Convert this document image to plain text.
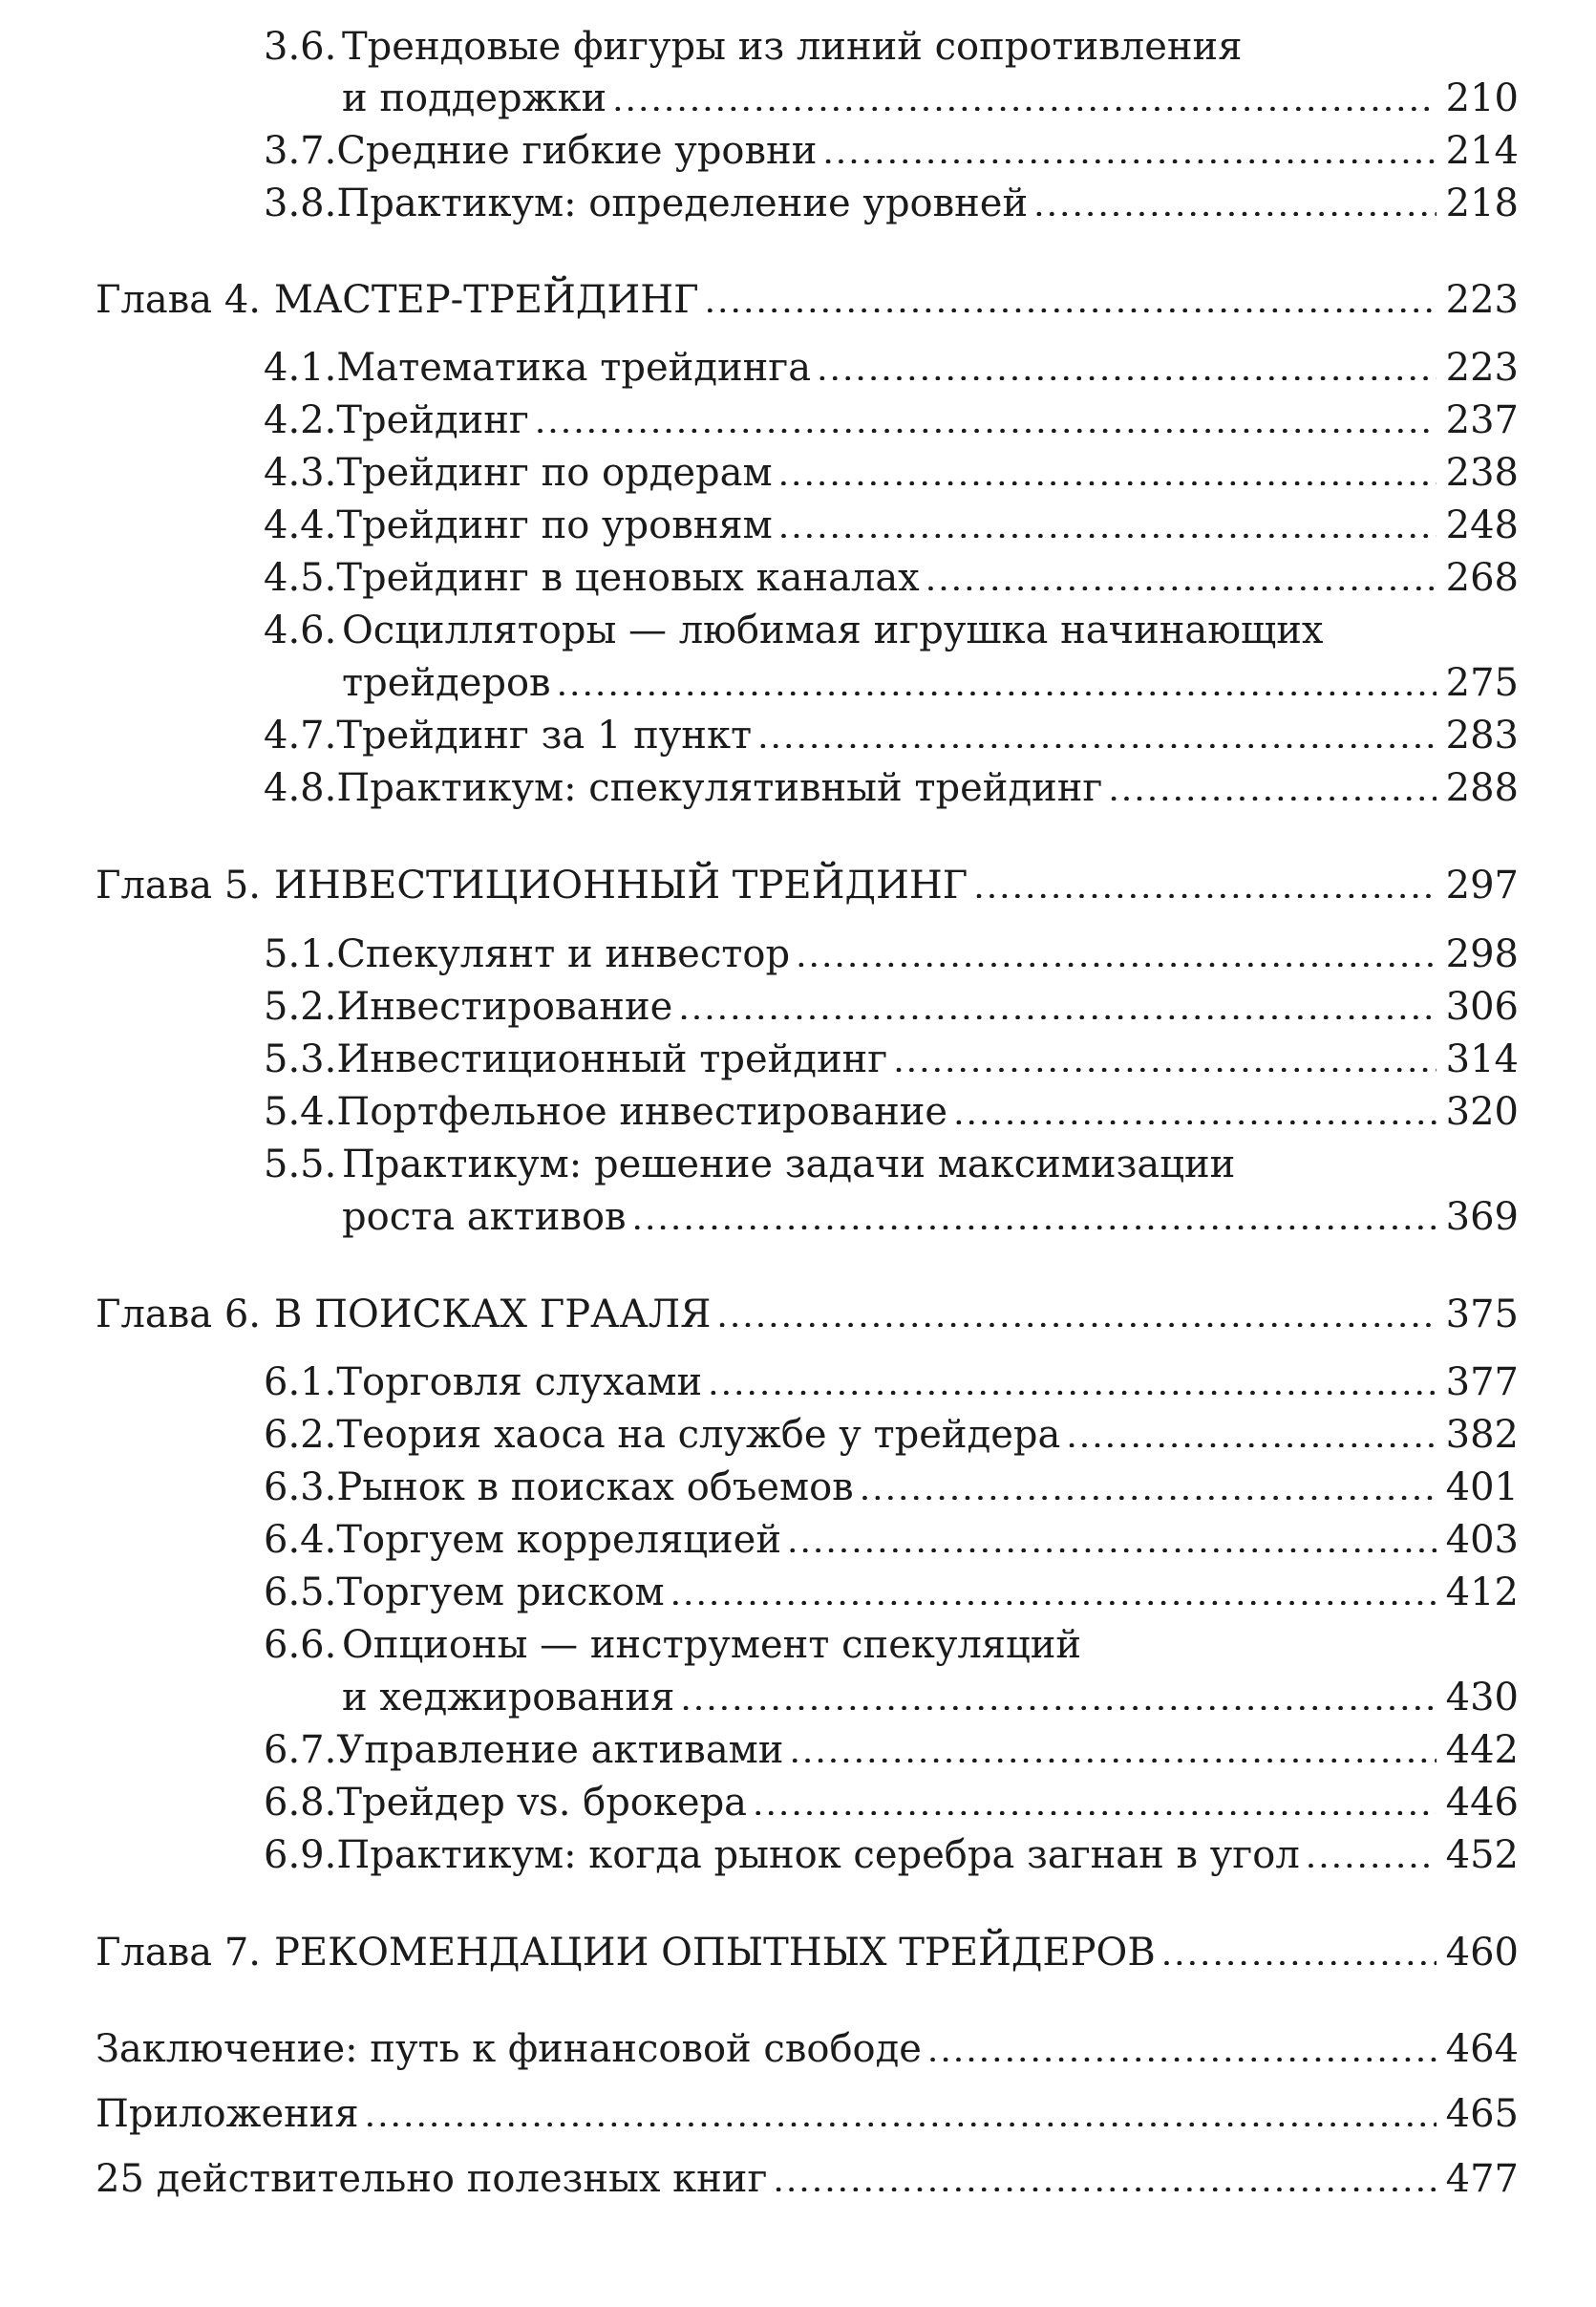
3.6. Трендовые фигуры из линий сопротивления
и поддержки .....	210
3.7. Средние гибкие уровни .....	214
3.8. Практикум: определение уровней .....	218
Глава 4. МАСТЕР-ТРЕЙДИНГ .....	223
4.1. Математика трейдинга .....	223
4.2. Трейдинг .....	237
4.3. Трейдинг по ордерам .....	238
4.4. Трейдинг по уровням .....	248
4.5. Трейдинг в ценовых каналах .....	268
4.6. Осцилляторы — любимая игрушка начинающих
трейдеров .....	275
4.7. Трейдинг за 1 пункт .....	283
4.8. Практикум: спекулятивный трейдинг .....	288
Глава 5. ИНВЕСТИЦИОННЫЙ ТРЕЙДИНГ .....	297
5.1. Спекулянт и инвестор .....	298
5.2. Инвестирование .....	306
5.3. Инвестиционный трейдинг .....	314
5.4. Портфельное инвестирование .....	320
5.5. Практикум: решение задачи максимизации
роста активов .....	369
Глава 6. В ПОИСКАХ ГРААЛЯ .....	375
6.1. Торговля слухами .....	377
6.2. Теория хаоса на службе у трейдера .....	382
6.3. Рынок в поисках объемов .....	401
6.4. Торгуем корреляцией .....	403
6.5. Торгуем риском .....	412
6.6. Опционы — инструмент спекуляций
и хеджирования .....	430
6.7. Управление активами .....	442
6.8. Трейдер vs. брокера .....	446
6.9. Практикум: когда рынок серебра загнан в угол .....	452
Глава 7. РЕКОМЕНДАЦИИ ОПЫТНЫХ ТРЕЙДЕРОВ .....	460
Заключение: путь к финансовой свободе .....	464
Приложения .....	465
25 действительно полезных книг .....	477
